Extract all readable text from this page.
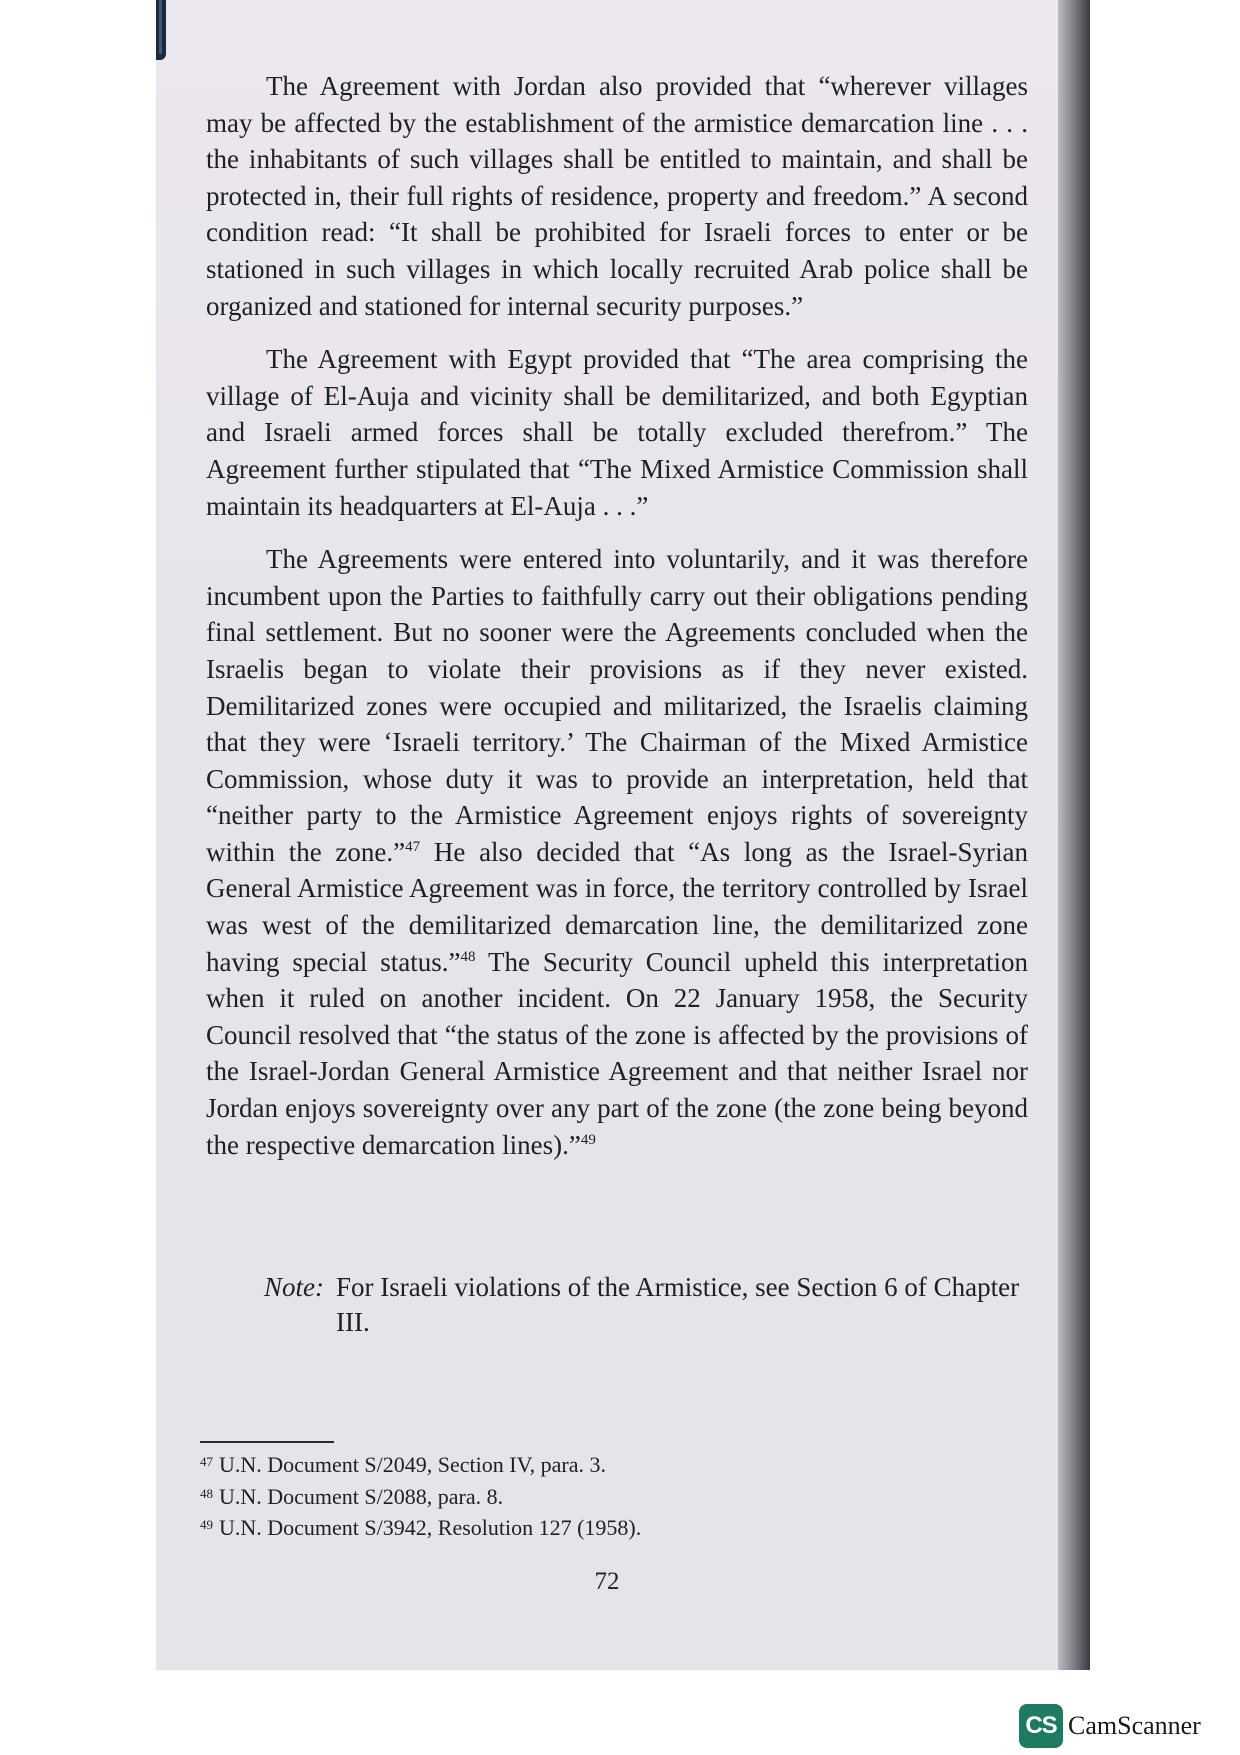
The Agreement with Jordan also provided that “wherever villages may be affected by the establishment of the armistice demarcation line . . . the inhabitants of such villages shall be entitled to maintain, and shall be protected in, their full rights of residence, property and freedom.” A second condition read: “It shall be prohibited for Israeli forces to enter or be stationed in such villages in which locally recruited Arab police shall be organized and stationed for internal security purposes.”

The Agreement with Egypt provided that “The area comprising the village of El-Auja and vicinity shall be demilitarized, and both Egyptian and Israeli armed forces shall be totally excluded therefrom.” The Agreement further stipulated that “The Mixed Armistice Commission shall maintain its headquarters at El-Auja . . .”

The Agreements were entered into voluntarily, and it was therefore incumbent upon the Parties to faithfully carry out their obligations pending final settlement. But no sooner were the Agreements concluded when the Israelis began to violate their provisions as if they never existed. Demilitarized zones were occupied and militarized, the Israelis claiming that they were ‘Israeli territory.’ The Chairman of the Mixed Armistice Commission, whose duty it was to provide an interpretation, held that “neither party to the Armistice Agreement enjoys rights of sovereignty within the zone.”$^{47}$ He also decided that “As long as the Israel-Syrian General Armistice Agreement was in force, the territory controlled by Israel was west of the demilitarized demarcation line, the demilitarized zone having special status.”$^{48}$ The Security Council upheld this interpretation when it ruled on another incident. On 22 January 1958, the Security Council resolved that “the status of the zone is affected by the provisions of the Israel-Jordan General Armistice Agreement and that neither Israel nor Jordan enjoys sovereignty over any part of the zone (the zone being beyond the respective demarcation lines).”$^{49}$

Note: For Israeli violations of the Armistice, see Section 6 of Chapter III.
$^{47}$ U.N. Document S/2049, Section IV, para. 3.
$^{48}$ U.N. Document S/2088, para. 8.
$^{49}$ U.N. Document S/3942, Resolution 127 (1958).
72
CS CamScanner
